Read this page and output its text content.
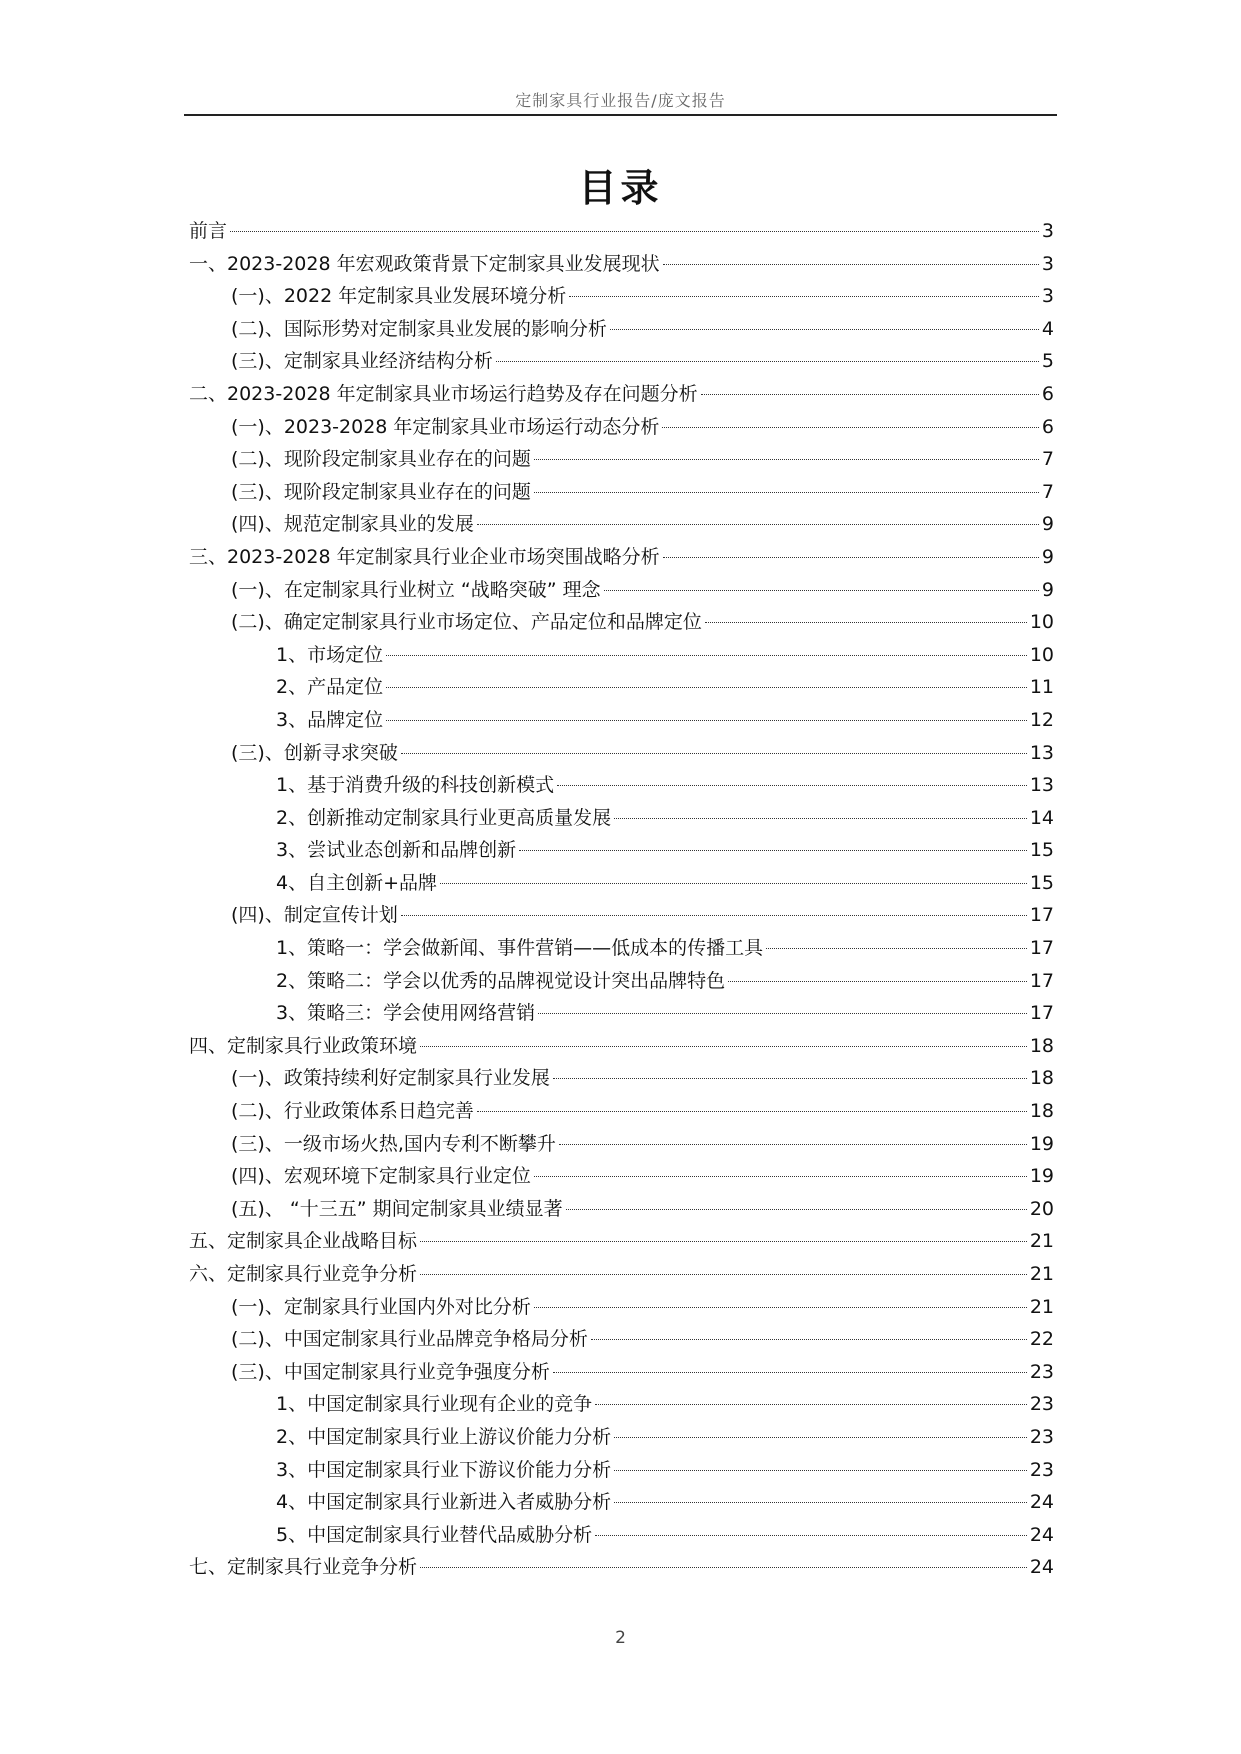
定制家具行业报告/庞文报告
目录
前言	3
一、2023-2028 年宏观政策背景下定制家具业发展现状	3
(一)、2022 年定制家具业发展环境分析	3
(二)、国际形势对定制家具业发展的影响分析	4
(三)、定制家具业经济结构分析	5
二、2023-2028 年定制家具业市场运行趋势及存在问题分析	6
(一)、2023-2028 年定制家具业市场运行动态分析	6
(二)、现阶段定制家具业存在的问题	7
(三)、现阶段定制家具业存在的问题	7
(四)、规范定制家具业的发展	9
三、2023-2028 年定制家具行业企业市场突围战略分析	9
(一)、在定制家具行业树立 “战略突破” 理念	9
(二)、确定定制家具行业市场定位、产品定位和品牌定位	10
1、市场定位	10
2、产品定位	11
3、品牌定位	12
(三)、创新寻求突破	13
1、基于消费升级的科技创新模式	13
2、创新推动定制家具行业更高质量发展	14
3、尝试业态创新和品牌创新	15
4、自主创新+品牌	15
(四)、制定宣传计划	17
1、策略一：学会做新闻、事件营销——低成本的传播工具	17
2、策略二：学会以优秀的品牌视觉设计突出品牌特色	17
3、策略三：学会使用网络营销	17
四、定制家具行业政策环境	18
(一)、政策持续利好定制家具行业发展	18
(二)、行业政策体系日趋完善	18
(三)、一级市场火热,国内专利不断攀升	19
(四)、宏观环境下定制家具行业定位	19
(五)、 “十三五” 期间定制家具业绩显著	20
五、定制家具企业战略目标	21
六、定制家具行业竞争分析	21
(一)、定制家具行业国内外对比分析	21
(二)、中国定制家具行业品牌竞争格局分析	22
(三)、中国定制家具行业竞争强度分析	23
1、中国定制家具行业现有企业的竞争	23
2、中国定制家具行业上游议价能力分析	23
3、中国定制家具行业下游议价能力分析	23
4、中国定制家具行业新进入者威胁分析	24
5、中国定制家具行业替代品威胁分析	24
七、定制家具行业竞争分析	24
2
